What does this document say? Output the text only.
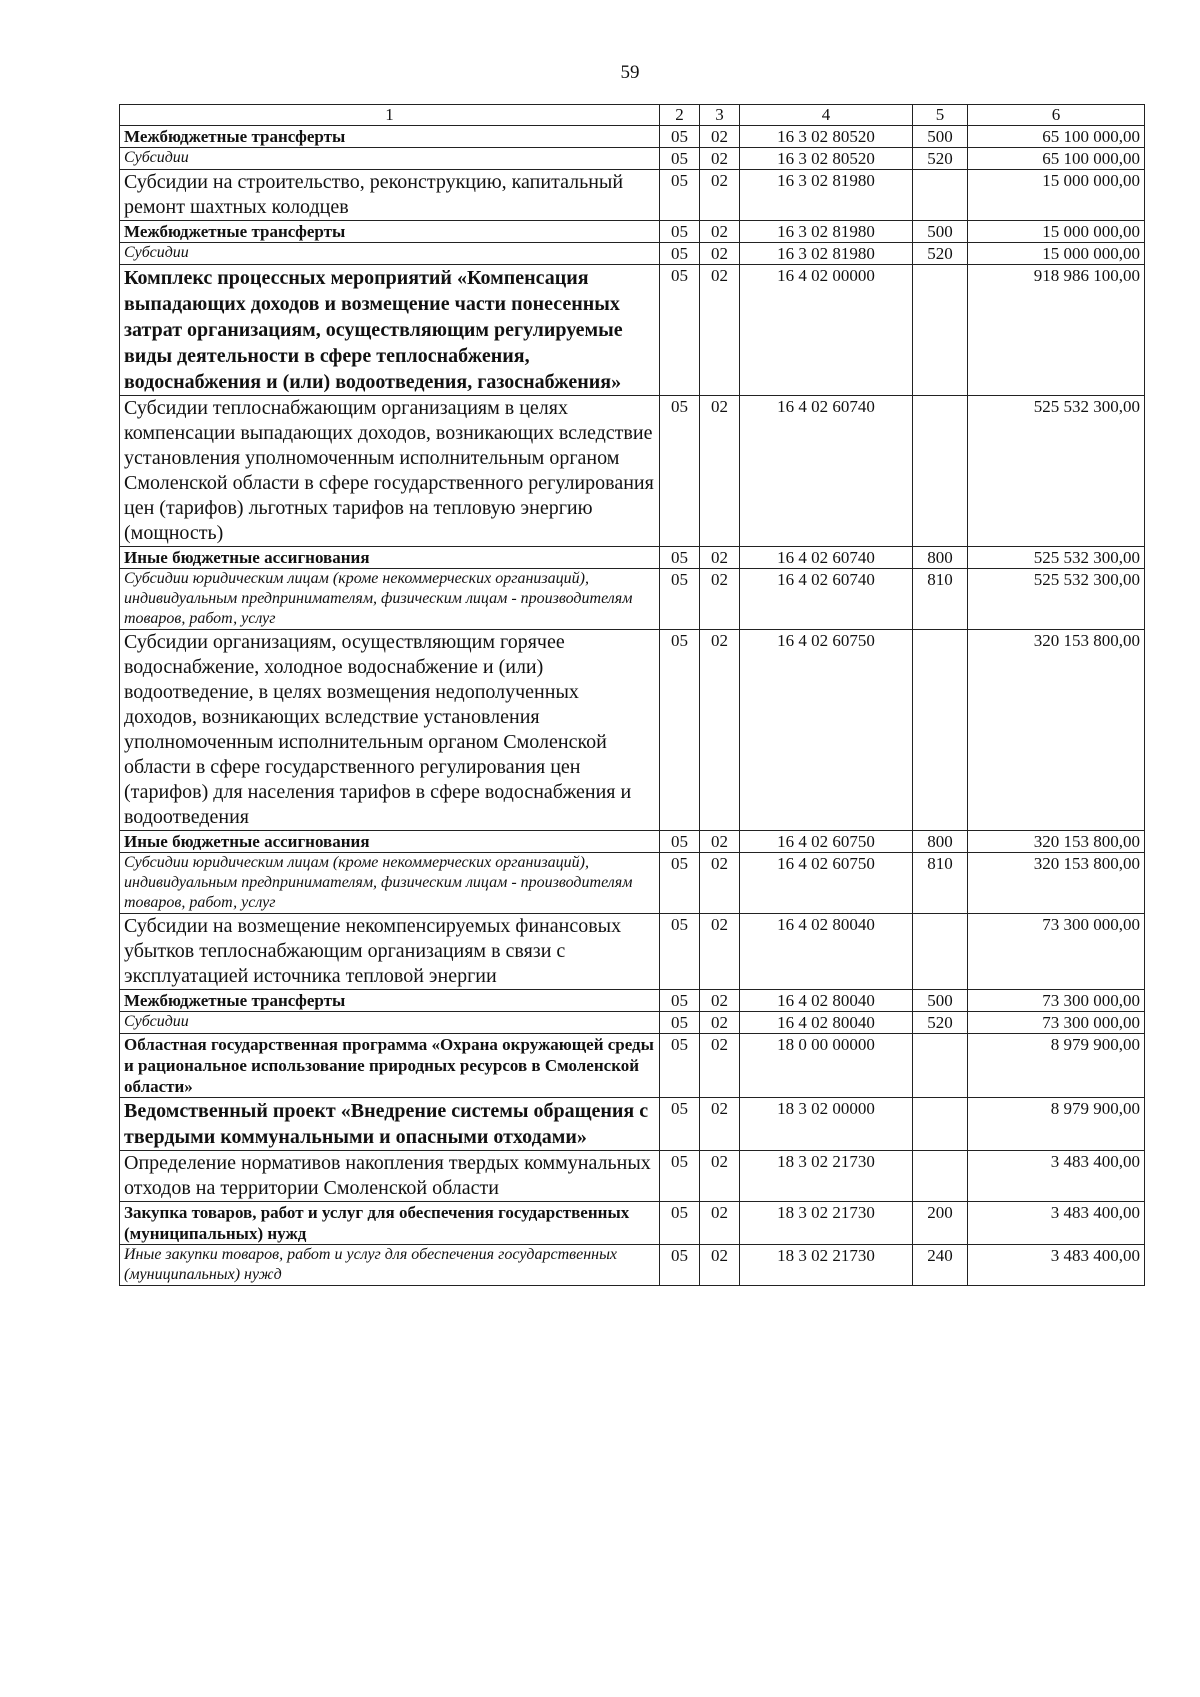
59
1	2	3	4	5	6
Межбюджетные трансферты	05	02	16 3 02 80520	500	65 100 000,00
Субсидии	05	02	16 3 02 80520	520	65 100 000,00
Субсидии на строительство, реконструкцию, капитальный ремонт шахтных колодцев	05	02	16 3 02 81980		15 000 000,00
Межбюджетные трансферты	05	02	16 3 02 81980	500	15 000 000,00
Субсидии	05	02	16 3 02 81980	520	15 000 000,00
Комплекс процессных мероприятий «Компенсация выпадающих доходов и возмещение части понесенных затрат организациям, осуществляющим регулируемые виды деятельности в сфере теплоснабжения, водоснабжения и (или) водоотведения, газоснабжения»	05	02	16 4 02 00000		918 986 100,00
Субсидии теплоснабжающим организациям в целях компенсации выпадающих доходов, возникающих вследствие установления уполномоченным исполнительным органом Смоленской области в сфере государственного регулирования цен (тарифов) льготных тарифов на тепловую энергию (мощность)	05	02	16 4 02 60740		525 532 300,00
Иные бюджетные ассигнования	05	02	16 4 02 60740	800	525 532 300,00
Субсидии юридическим лицам (кроме некоммерческих организаций), индивидуальным предпринимателям, физическим лицам - производителям товаров, работ, услуг	05	02	16 4 02 60740	810	525 532 300,00
Субсидии организациям, осуществляющим горячее водоснабжение, холодное водоснабжение и (или) водоотведение, в целях возмещения недополученных доходов, возникающих вследствие установления уполномоченным исполнительным органом Смоленской области в сфере государственного регулирования цен (тарифов) для населения тарифов в сфере водоснабжения и водоотведения	05	02	16 4 02 60750		320 153 800,00
Иные бюджетные ассигнования	05	02	16 4 02 60750	800	320 153 800,00
Субсидии юридическим лицам (кроме некоммерческих организаций), индивидуальным предпринимателям, физическим лицам - производителям товаров, работ, услуг	05	02	16 4 02 60750	810	320 153 800,00
Субсидии на возмещение некомпенсируемых финансовых убытков теплоснабжающим организациям в связи с эксплуатацией источника тепловой энергии	05	02	16 4 02 80040		73 300 000,00
Межбюджетные трансферты	05	02	16 4 02 80040	500	73 300 000,00
Субсидии	05	02	16 4 02 80040	520	73 300 000,00
Областная государственная программа «Охрана окружающей среды и рациональное использование природных ресурсов в Смоленской области»	05	02	18 0 00 00000		8 979 900,00
Ведомственный проект «Внедрение системы обращения с твердыми коммунальными и опасными отходами»	05	02	18 3 02 00000		8 979 900,00
Определение нормативов накопления твердых коммунальных отходов на территории Смоленской области	05	02	18 3 02 21730		3 483 400,00
Закупка товаров, работ и услуг для обеспечения государственных (муниципальных) нужд	05	02	18 3 02 21730	200	3 483 400,00
Иные закупки товаров, работ и услуг для обеспечения государственных (муниципальных) нужд	05	02	18 3 02 21730	240	3 483 400,00
